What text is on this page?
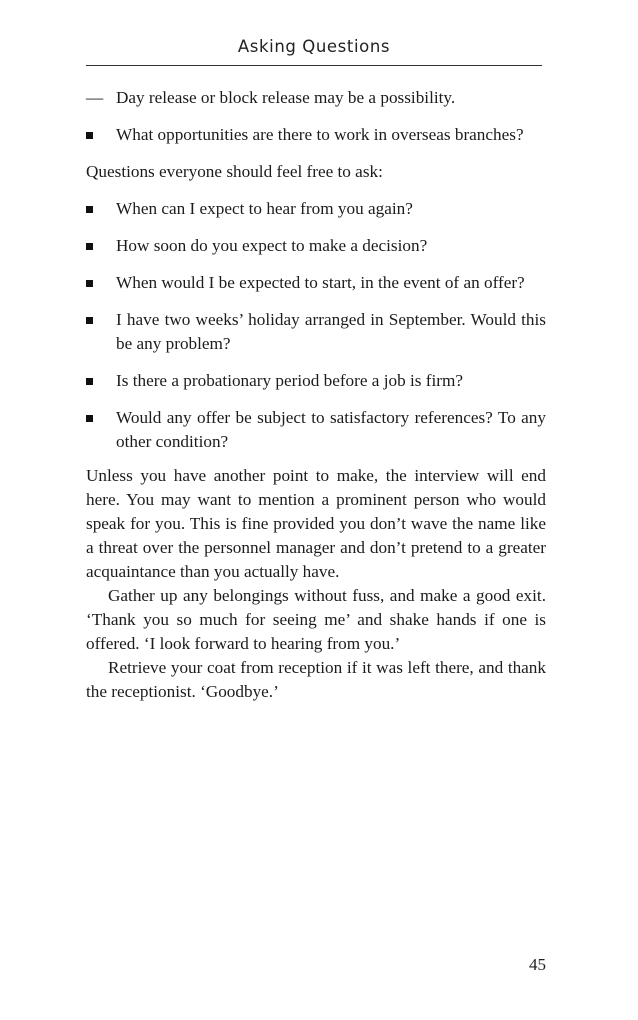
Asking Questions
— Day release or block release may be a possibility.
What opportunities are there to work in overseas branches?

Questions everyone should feel free to ask:

When can I expect to hear from you again?
How soon do you expect to make a decision?
When would I be expected to start, in the event of an offer?
I have two weeks’ holiday arranged in September. Would this be any problem?
Is there a probationary period before a job is firm?
Would any offer be subject to satisfactory references? To any other condition?

Unless you have another point to make, the interview will end here. You may want to mention a prominent person who would speak for you. This is fine provided you don’t wave the name like a threat over the personnel manager and don’t pretend to a greater acquaintance than you actually have.

Gather up any belongings without fuss, and make a good exit. ‘Thank you so much for seeing me’ and shake hands if one is offered. ‘I look forward to hearing from you.’

Retrieve your coat from reception if it was left there, and thank the receptionist. ‘Goodbye.’

45
